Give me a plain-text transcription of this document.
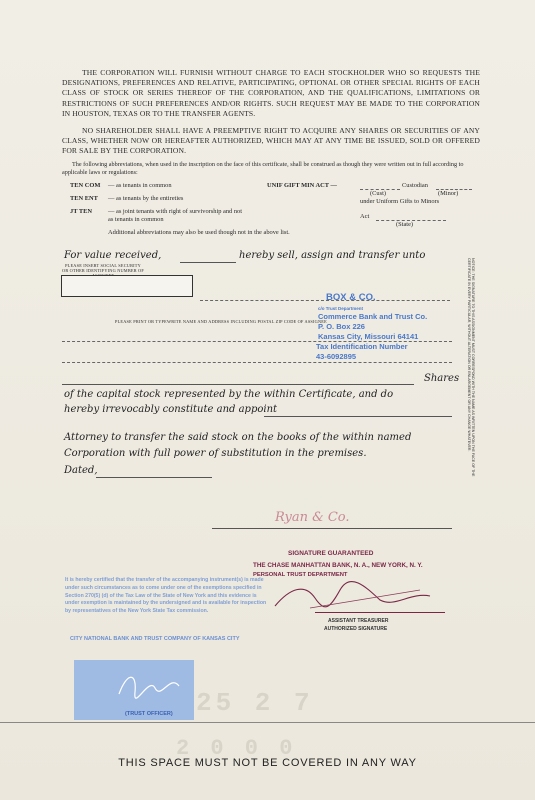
THE CORPORATION WILL FURNISH WITHOUT CHARGE TO EACH STOCKHOLDER WHO SO REQUESTS THE DESIGNATIONS, PREFERENCES AND RELATIVE, PARTICIPATING, OPTIONAL OR OTHER SPECIAL RIGHTS OF EACH CLASS OF STOCK OR SERIES THEREOF OF THE CORPORATION, AND THE QUALIFICATIONS, LIMITATIONS OR RESTRICTIONS OF SUCH PREFERENCES AND/OR RIGHTS. SUCH REQUEST MAY BE MADE TO THE CORPORATION IN HOUSTON, TEXAS OR TO THE TRANSFER AGENTS.
NO SHAREHOLDER SHALL HAVE A PREEMPTIVE RIGHT TO ACQUIRE ANY SHARES OR SECURITIES OF ANY CLASS, WHETHER NOW OR HEREAFTER AUTHORIZED, WHICH MAY AT ANY TIME BE ISSUED, SOLD OR OFFERED FOR SALE BY THE CORPORATION.
The following abbreviations, when used in the inscription on the face of this certificate, shall be construed as though they were written out in full according to applicable laws or regulations:
TEN COM — as tenants in common
TEN ENT — as tenants by the entireties
JT TEN	— as joint tenants with right of survivorship and not as tenants in common
UNIF GIFT MIN ACT —	Custodian
(Cust)	(Minor)
under Uniform Gifts to Minors
Act
(State)
Additional abbreviations may also be used though not in the above list.
For value received,	hereby sell, assign and transfer unto
PLEASE INSERT SOCIAL SECURITY OR OTHER IDENTIFYING NUMBER OF
PLEASE PRINT OR TYPEWRITE NAME AND ADDRESS INCLUDING POSTAL ZIP CODE OF ASSIGNEE
Shares
of the capital stock represented by the within Certificate, and do
hereby irrevocably constitute and appoint
Attorney to transfer the said stock on the books of the within named
Corporation with full power of substitution in the premises.
Dated,
Ryan & Co.
BOX & CO.
c/o Trust Department
Commerce Bank and Trust Co.
P. O. Box 226
Kansas City, Missouri 64141
Tax Identification Number
43-6092895	NOTICE: THE SIGNATURE TO THIS ASSIGNMENT MUST CORRESPOND WITH THE NAME AS WRITTEN UPON THE FACE OF THE CERTIFICATE IN EVERY PARTICULAR, WITHOUT ALTERATION OR ENLARGEMENT OR ANY CHANGE WHATEVER.
SIGNATURE GUARANTEED
THE CHASE MANHATTAN BANK, N. A., NEW YORK, N. Y.
PERSONAL TRUST DEPARTMENT
ASSISTANT TREASURER
AUTHORIZED SIGNATURE
It is hereby certified that the transfer of the accompanying instrument(s) is made under such circumstances as to come under one of the exemptions specified in Section 270(5) (d) of the Tax Law of the State of New York and this evidence is under exemption is maintained by the undersigned and is available for inspection by representatives of the New York State Tax commission.
CITY NATIONAL BANK AND TRUST COMPANY OF KANSAS CITY
(TRUST OFFICER) 25 2 7
2 0 0 0
THIS SPACE MUST NOT BE COVERED IN ANY WAY
